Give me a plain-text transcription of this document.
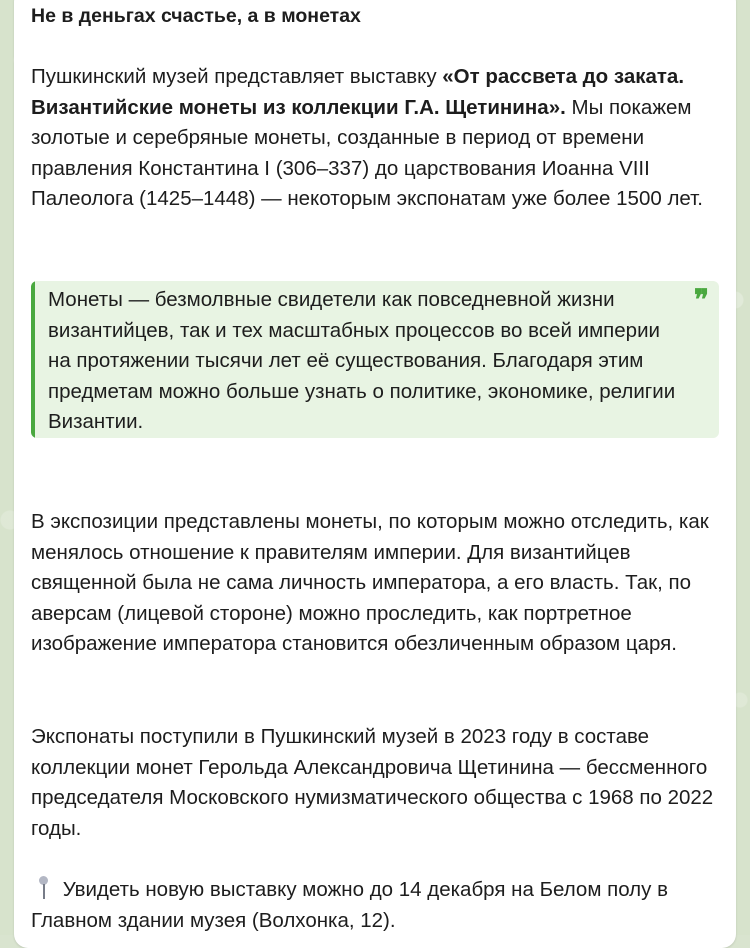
Не в деньгах счастье, а в монетах

Пушкинский музей представляет выставку «От рассвета до заката. Византийские монеты из коллекции Г.А. Щетинина». Мы покажем золотые и серебряные монеты, созданные в период от времени правления Константина I (306–337) до царствования Иоанна VIII Палеолога (1425–1448) — некоторым экспонатам уже более 1500 лет.

Монеты — безмолвные свидетели как повседневной жизни византийцев, так и тех масштабных процессов во всей империи на протяжении тысячи лет её существования. Благодаря этим предметам можно больше узнать о политике, экономике, религии Византии.
❞

В экспозиции представлены монеты, по которым можно отследить, как менялось отношение к правителям империи. Для византийцев священной была не сама личность императора, а его власть. Так, по аверсам (лицевой стороне) можно проследить, как портретное изображение императора становится обезличенным образом царя.

Экспонаты поступили в Пушкинский музей в 2023 году в составе коллекции монет Герольда Александровича Щетинина — бессменного председателя Московского нумизматического общества с 1968 по 2022 годы.

Увидеть новую выставку можно до 14 декабря на Белом полу в Главном здании музея (Волхонка, 12).
